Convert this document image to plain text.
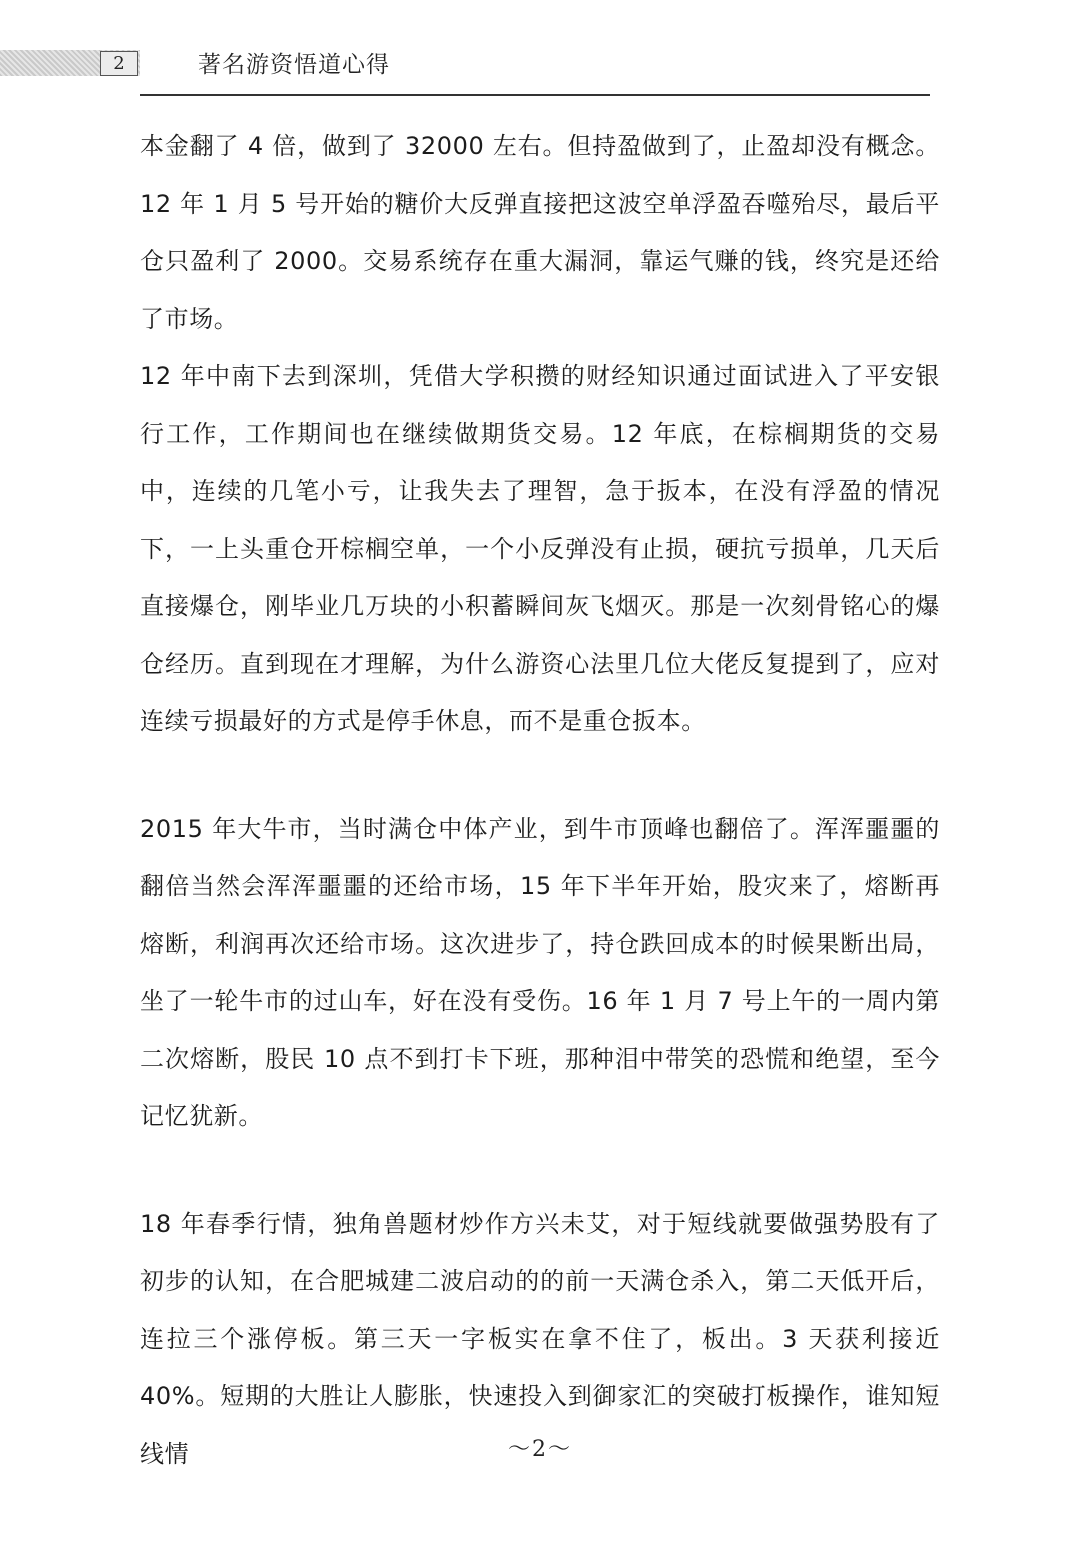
2	著名游资悟道心得

本金翻了 4 倍，做到了 32000 左右。但持盈做到了，止盈却没有概念。12 年 1 月 5 号开始的糖价大反弹直接把这波空单浮盈吞噬殆尽，最后平仓只盈利了 2000。交易系统存在重大漏洞，靠运气赚的钱，终究是还给了市场。

12 年中南下去到深圳，凭借大学积攒的财经知识通过面试进入了平安银行工作，工作期间也在继续做期货交易。12 年底，在棕榈期货的交易中，连续的几笔小亏，让我失去了理智，急于扳本，在没有浮盈的情况下，一上头重仓开棕榈空单，一个小反弹没有止损，硬抗亏损单，几天后直接爆仓，刚毕业几万块的小积蓄瞬间灰飞烟灭。那是一次刻骨铭心的爆仓经历。直到现在才理解，为什么游资心法里几位大佬反复提到了，应对连续亏损最好的方式是停手休息，而不是重仓扳本。

2015 年大牛市，当时满仓中体产业，到牛市顶峰也翻倍了。浑浑噩噩的翻倍当然会浑浑噩噩的还给市场，15 年下半年开始，股灾来了，熔断再熔断，利润再次还给市场。这次进步了，持仓跌回成本的时候果断出局，坐了一轮牛市的过山车，好在没有受伤。16 年 1 月 7 号上午的一周内第二次熔断，股民 10 点不到打卡下班，那种泪中带笑的恐慌和绝望，至今记忆犹新。

18 年春季行情，独角兽题材炒作方兴未艾，对于短线就要做强势股有了初步的认知，在合肥城建二波启动的的前一天满仓杀入，第二天低开后，连拉三个涨停板。第三天一字板实在拿不住了，板出。3 天获利接近 40%。短期的大胜让人膨胀，快速投入到御家汇的突破打板操作，谁知短线情	～2～
